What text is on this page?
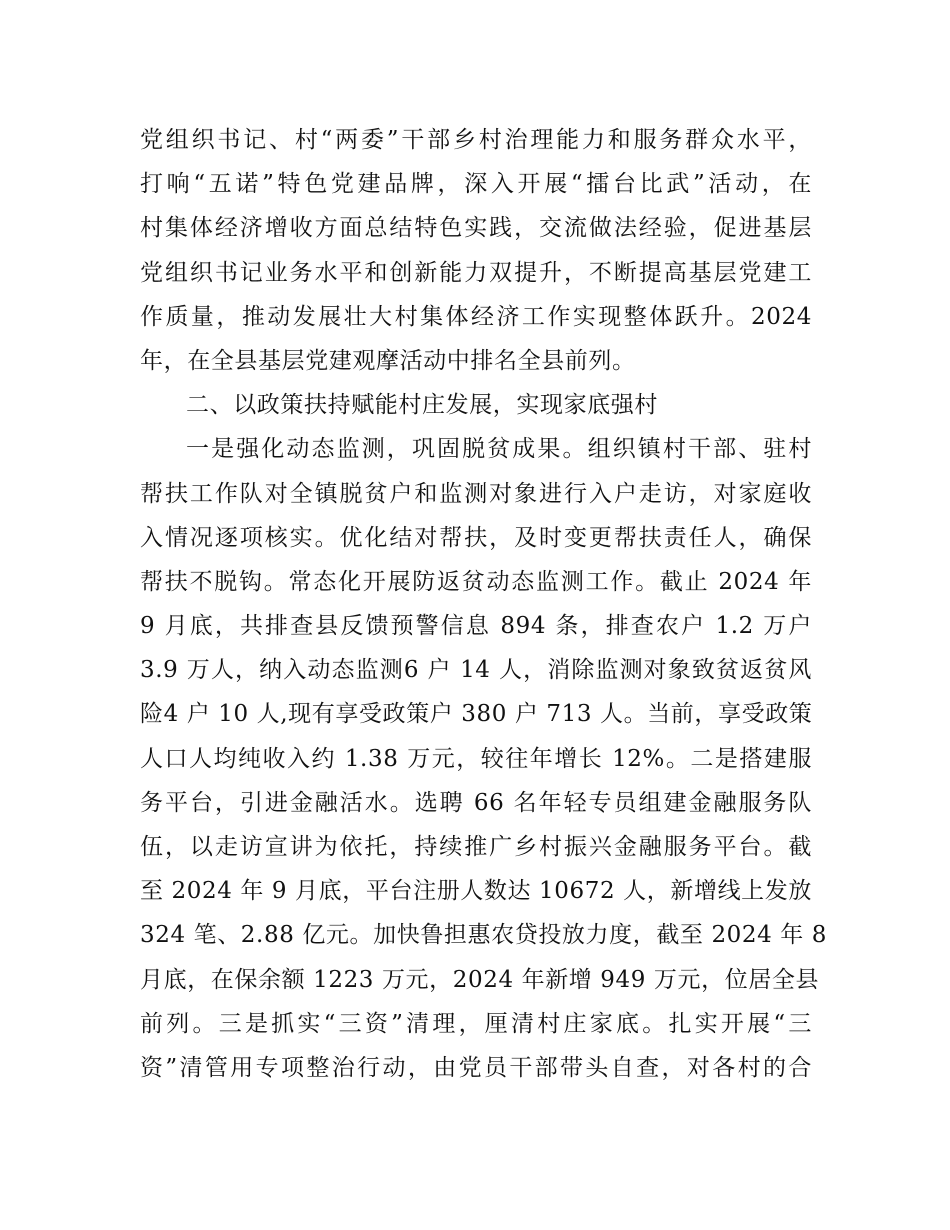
党组织书记、村“两委”干部乡村治理能力和服务群众水平，
打响“五诺”特色党建品牌，深入开展“擂台比武”活动，在
村集体经济增收方面总结特色实践，交流做法经验，促进基层
党组织书记业务水平和创新能力双提升，不断提高基层党建工
作质量，推动发展壮大村集体经济工作实现整体跃升。2024
年，在全县基层党建观摩活动中排名全县前列。
二、以政策扶持赋能村庄发展，实现家底强村
一是强化动态监测，巩固脱贫成果。组织镇村干部、驻村
帮扶工作队对全镇脱贫户和监测对象进行入户走访，对家庭收
入情况逐项核实。优化结对帮扶，及时变更帮扶责任人，确保
帮扶不脱钩。常态化开展防返贫动态监测工作。截止 2024 年
9 月底，共排查县反馈预警信息 894 条，排查农户 1.2 万户
3.9 万人，纳入动态监测6 户 14 人，消除监测对象致贫返贫风
险4 户 10 人,现有享受政策户 380 户 713 人。当前，享受政策
人口人均纯收入约 1.38 万元，较往年增长 12%。二是搭建服
务平台，引进金融活水。选聘 66 名年轻专员组建金融服务队
伍，以走访宣讲为依托，持续推广乡村振兴金融服务平台。截
至 2024 年 9 月底，平台注册人数达 10672 人，新增线上发放
324 笔、2.88 亿元。加快鲁担惠农贷投放力度，截至 2024 年 8
月底，在保余额 1223 万元，2024 年新增 949 万元，位居全县
前列。三是抓实“三资”清理，厘清村庄家底。扎实开展“三
资”清管用专项整治行动，由党员干部带头自查，对各村的合
